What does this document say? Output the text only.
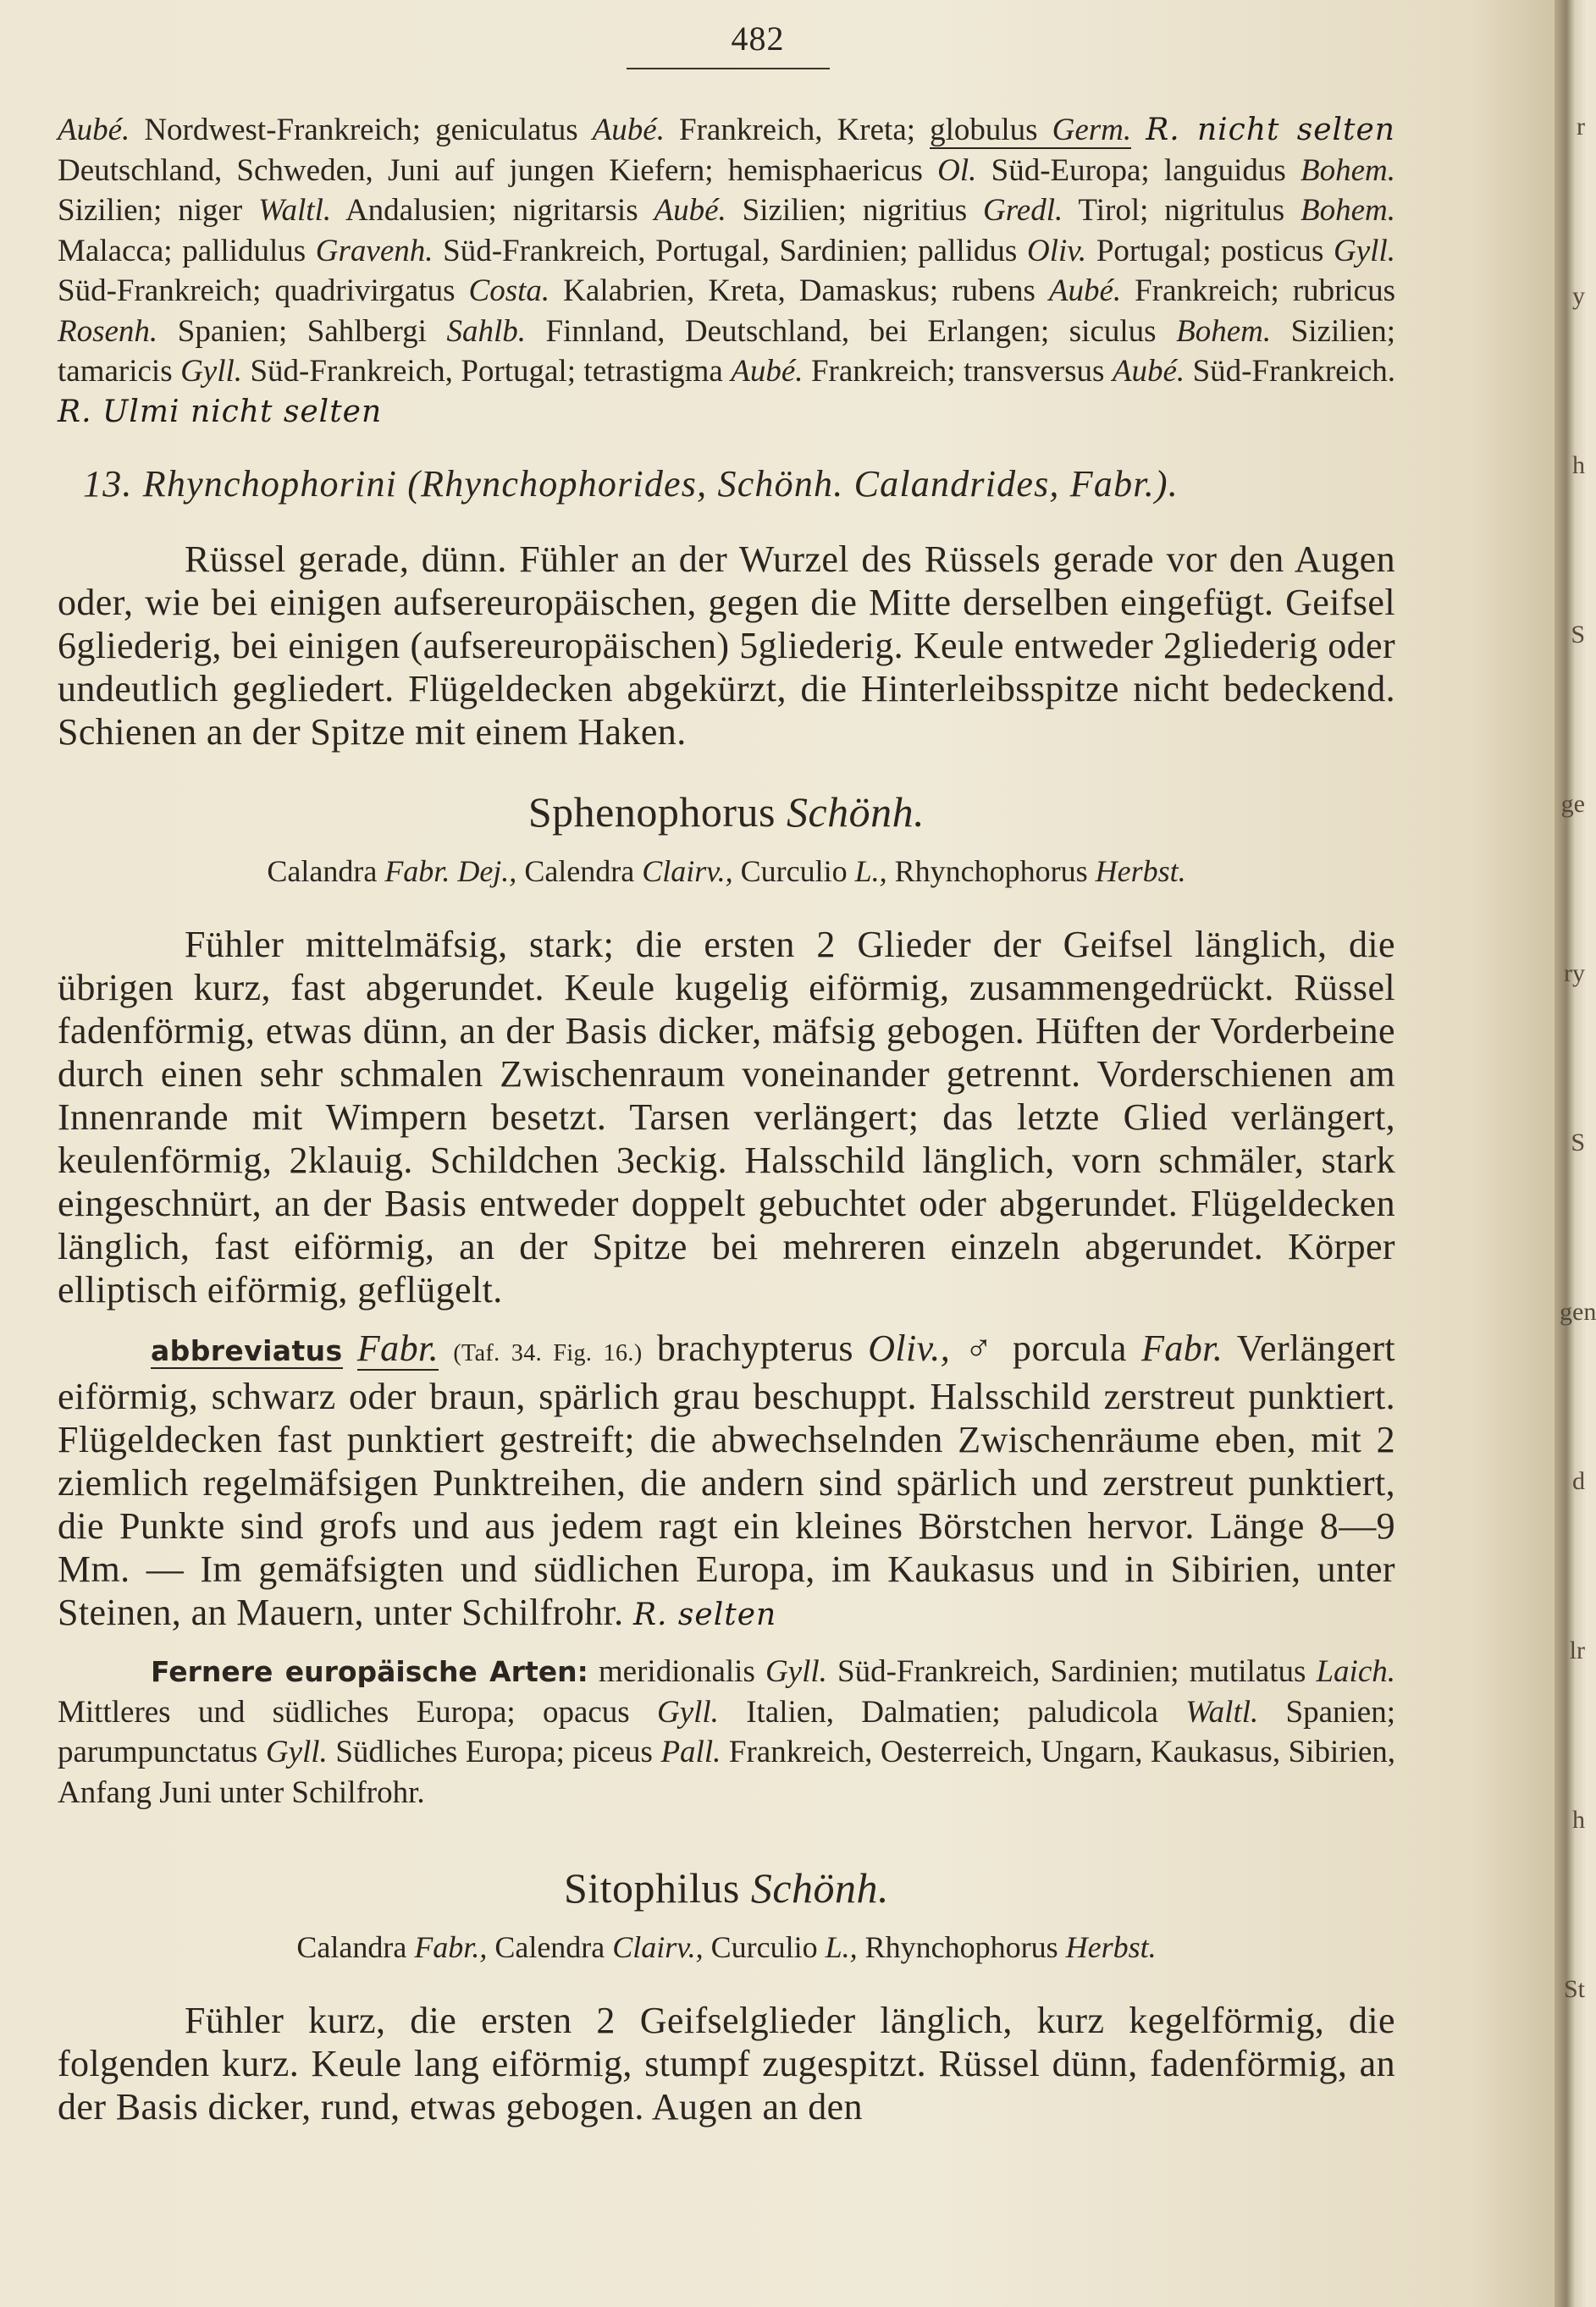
482

Aubé. Nordwest-Frankreich; geniculatus Aubé. Frankreich, Kreta; globulus Germ. R. nicht selten Deutschland, Schweden, Juni auf jungen Kiefern; hemisphaericus Ol. Süd-Europa; languidus Bohem. Sizilien; niger Waltl. Andalusien; nigritarsis Aubé. Sizilien; nigritius Gredl. Tirol; nigritulus Bohem. Malacca; pallidulus Gravenh. Süd-Frankreich, Portugal, Sardinien; pallidus Oliv. Portugal; posticus Gyll. Süd-Frankreich; quadrivirgatus Costa. Kalabrien, Kreta, Damaskus; rubens Aubé. Frankreich; rubricus Rosenh. Spanien; Sahlbergi Sahlb. Finnland, Deutschland, bei Erlangen; siculus Bohem. Sizilien; tamaricis Gyll. Süd-Frankreich, Portugal; tetrastigma Aubé. Frankreich; transversus Aubé. Süd-Frankreich. R. Ulmi nicht selten

13. Rhynchophorini (Rhynchophorides, Schönh. Calandrides, Fabr.).

Rüssel gerade, dünn. Fühler an der Wurzel des Rüssels gerade vor den Augen oder, wie bei einigen aufsereuropäischen, gegen die Mitte derselben eingefügt. Geifsel 6gliederig, bei einigen (aufsereuropäischen) 5gliederig. Keule entweder 2gliederig oder undeutlich gegliedert. Flügeldecken abgekürzt, die Hinterleibsspitze nicht bedeckend. Schienen an der Spitze mit einem Haken.

Sphenophorus Schönh.
Calandra Fabr. Dej., Calendra Clairv., Curculio L., Rhynchophorus Herbst.

Fühler mittelmäfsig, stark; die ersten 2 Glieder der Geifsel länglich, die übrigen kurz, fast abgerundet. Keule kugelig eiförmig, zusammengedrückt. Rüssel fadenförmig, etwas dünn, an der Basis dicker, mäfsig gebogen. Hüften der Vorderbeine durch einen sehr schmalen Zwischenraum voneinander getrennt. Vorderschienen am Innenrande mit Wimpern besetzt. Tarsen verlängert; das letzte Glied verlängert, keulenförmig, 2klauig. Schildchen 3eckig. Halsschild länglich, vorn schmäler, stark eingeschnürt, an der Basis entweder doppelt gebuchtet oder abgerundet. Flügeldecken länglich, fast eiförmig, an der Spitze bei mehreren einzeln abgerundet. Körper elliptisch eiförmig, geflügelt.

abbreviatus Fabr. (Taf. 34. Fig. 16.) brachypterus Oliv., ♂ porcula Fabr. Verlängert eiförmig, schwarz oder braun, spärlich grau beschuppt. Halsschild zerstreut punktiert. Flügeldecken fast punktiert gestreift; die abwechselnden Zwischenräume eben, mit 2 ziemlich regelmäfsigen Punktreihen, die andern sind spärlich und zerstreut punktiert, die Punkte sind grofs und aus jedem ragt ein kleines Börstchen hervor. Länge 8—9 Mm. — Im gemäfsigten und südlichen Europa, im Kaukasus und in Sibirien, unter Steinen, an Mauern, unter Schilfrohr. R. selten

Fernere europäische Arten: meridionalis Gyll. Süd-Frankreich, Sardinien; mutilatus Laich. Mittleres und südliches Europa; opacus Gyll. Italien, Dalmatien; paludicola Waltl. Spanien; parumpunctatus Gyll. Südliches Europa; piceus Pall. Frankreich, Oesterreich, Ungarn, Kaukasus, Sibirien, Anfang Juni unter Schilfrohr.

Sitophilus Schönh.
Calandra Fabr., Calendra Clairv., Curculio L., Rhynchophorus Herbst.

Fühler kurz, die ersten 2 Geifselglieder länglich, kurz kegelförmig, die folgenden kurz. Keule lang eiförmig, stumpf zugespitzt. Rüssel dünn, fadenförmig, an der Basis dicker, rund, etwas gebogen. Augen an den

r
y
h
S
ge
ry
S
gen
d
lr
h
St
